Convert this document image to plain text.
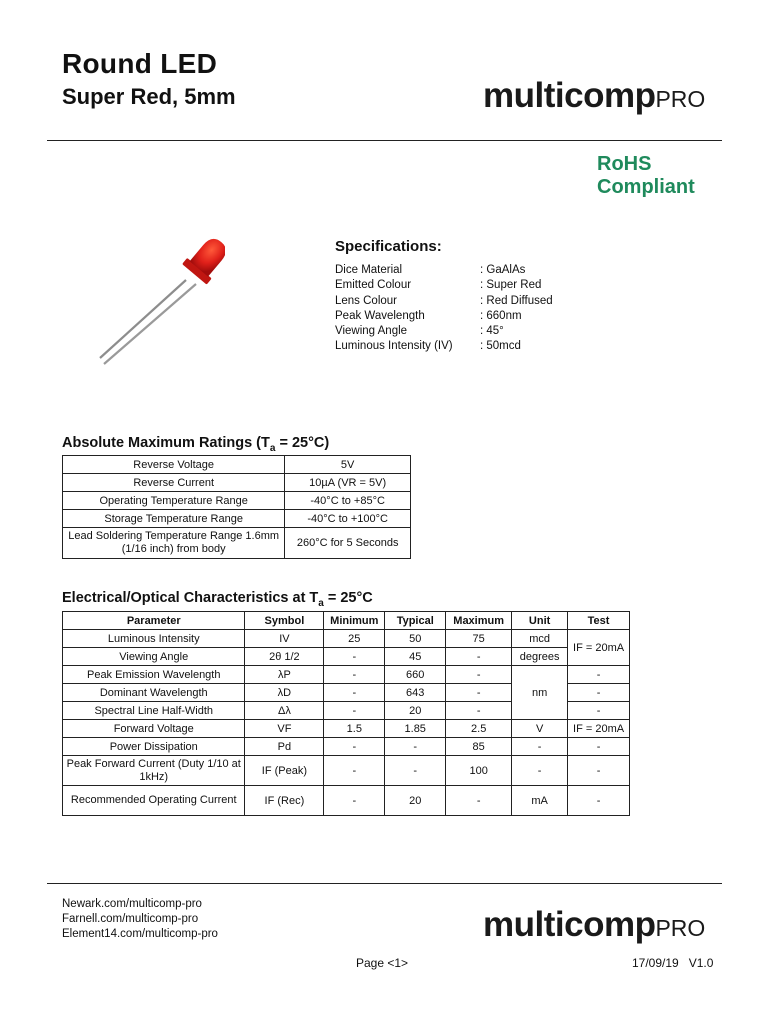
Round LED
Super Red, 5mm	multicompPRO
RoHS
Compliant
Specifications:
Dice Material	: GaAlAs
Emitted Colour	: Super Red
Lens Colour	: Red Diffused
Peak Wavelength	: 660nm
Viewing Angle	: 45°
Luminous Intensity (IV)	: 50mcd
Absolute Maximum Ratings $(T_a = 25^\circ C)$
Reverse Voltage	5V
Reverse Current	10µA (VR = 5V)
Operating Temperature Range	-40°C to +85°C
Storage Temperature Range	-40°C to +100°C
Lead Soldering Temperature Range 1.6mm (1/16 inch) from body	260°C for 5 Seconds
Electrical/Optical Characteristics at $T_a = 25^\circ C$
Parameter	Symbol	Minimum	Typical	Maximum	Unit	Test
Luminous Intensity	IV	25	50	75	mcd	IF = 20mA
Viewing Angle	2θ 1/2	-	45	-	degrees	
Peak Emission Wavelength	λP	-	660	-	nm	-
Dominant Wavelength	λD	-	643	-		-
Spectral Line Half-Width	Δλ	-	20	-		-
Forward Voltage	VF	1.5	1.85	2.5	V	IF = 20mA
Power Dissipation	Pd	-	-	85	-	-
Peak Forward Current (Duty 1/10 at 1kHz)	IF (Peak)	-	-	100	-	-
Recommended Operating Current	IF (Rec)	-	20	-	mA	-
Newark.com/multicomp-pro
Farnell.com/multicomp-pro
Element14.com/multicomp-pro	multicompPRO
Page <1>	17/09/19   V1.0
